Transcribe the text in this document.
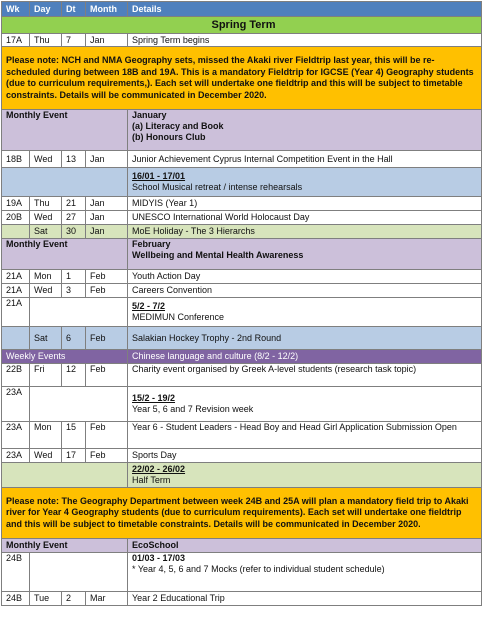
Wk	Day	Dt	Month	Details
Spring Term				
17A	Thu	7	Jan	Spring Term begins
Please note: NCH and NMA Geography sets, missed the Akaki river Fieldtrip last year, this will be re-scheduled during between 18B and 19A. This is a mandatory Fieldtrip for IGCSE (Year 4) Geography students (due to curriculum requirements,). Each set will undertake one fieldtrip and this will be subject to timetable constraints. Details will be communicated in December 2020.				
Monthly Event				January
(a) Literacy and Book
(b) Honours Club

18B	Wed	13	Jan	Junior Achievement Cyprus Internal Competition Event in the Hall

				16/01 - 17/01
School Musical retreat / intense rehearsals

19A	Thu	21	Jan	MIDYIS (Year 1)
20B	Wed	27	Jan	UNESCO International World Holocaust Day
	Sat	30	Jan	MoE Holiday - The 3 Hierarchs
Monthly Event				February
Wellbeing and Mental Health Awareness

21A	Mon	1	Feb	Youth Action Day
21A	Wed	3	Feb	Careers Convention
21A				5/2 - 7/2
MEDIMUN Conference

	Sat	6	Feb	Salakian Hockey Trophy - 2nd Round
Weekly Events				Chinese language and culture (8/2 - 12/2)
22B	Fri	12	Feb	Charity event organised by Greek A-level students (research task topic)
23A				15/2 - 19/2
Year 5, 6 and 7 Revision week

23A	Mon	15	Feb	Year 6 - Student Leaders - Head Boy and Head Girl Application Submission Open
23A	Wed	17	Feb	Sports Day

				22/02 - 26/02
Half Term

Please note: The Geography Department between week 24B and 25A will plan a mandatory field trip to Akaki river for Year 4 Geography students (due to curriculum requirements). Each set will undertake one fieldtrip and this will be subject to timetable constraints. Details will be communicated in December 2020.				
Monthly Event				EcoSchool
24B				01/03 - 17/03
* Year 4, 5, 6 and 7 Mocks (refer to individual student schedule)

24B	Tue	2	Mar	Year 2 Educational Trip
